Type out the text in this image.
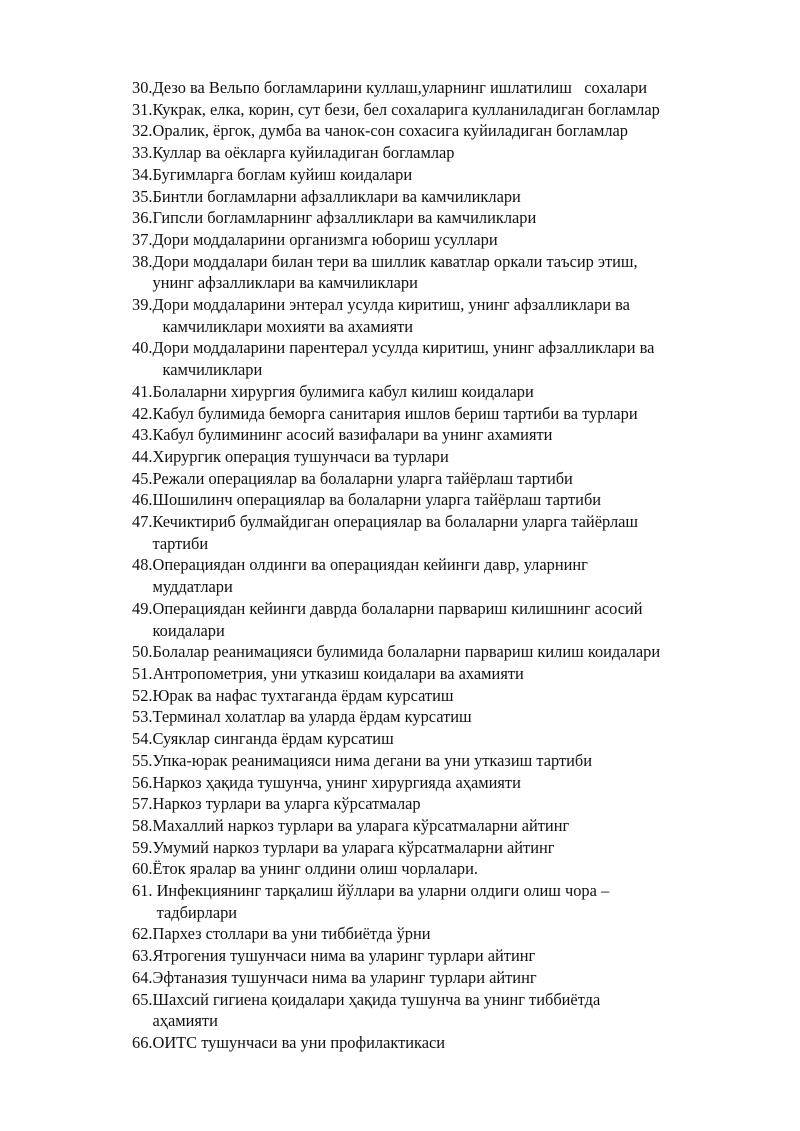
30. Дезо ва Вельпо богламларини куллаш,уларнинг ишлатилиш   сохалари
31. Кукрак, елка, корин, сут бези, бел сохаларига кулланиладиган богламлар
32. Оралик, ёргок, думба ва чанок-сон сохасига куйиладиган богламлар
33. Куллар ва оёкларга куйиладиган богламлар
34. Бугимларга боглам куйиш коидалари
35. Бинтли богламларни афзалликлари ва камчиликлари
36. Гипсли богламларнинг афзалликлари ва камчиликлари
37. Дори моддаларини организмга юбориш усуллари
38. Дори моддалари билан тери ва шиллик каватлар оркали таъсир этиш,
унинг афзалликлари ва камчиликлари
39. Дори моддаларини энтерал усулда киритиш, унинг афзалликлари ва
камчиликлари мохияти ва ахамияти
40. Дори моддаларини парентерал усулда киритиш, унинг афзалликлари ва
камчиликлари
41. Болаларни хирургия булимига кабул килиш коидалари
42. Кабул булимида беморга санитария ишлов бериш тартиби ва турлари
43. Кабул булимининг асосий вазифалари ва унинг ахамияти
44. Хирургик операция тушунчаси ва турлари
45. Режали операциялар ва болаларни уларга тайёрлаш тартиби
46. Шошилинч операциялар ва болаларни уларга тайёрлаш тартиби
47. Кечиктириб булмайдиган операциялар ва болаларни уларга тайёрлаш
тартиби
48. Операциядан олдинги ва операциядан кейинги давр, уларнинг
муддатлари
49. Операциядан кейинги даврда болаларни парвариш килишнинг асосий
коидалари
50. Болалар реанимацияси булимида болаларни парвариш килиш коидалари
51. Антропометрия, уни утказиш коидалари ва ахамияти
52. Юрак ва нафас тухтаганда ёрдам курсатиш
53. Терминал холатлар ва уларда ёрдам курсатиш
54. Суяклар синганда ёрдам курсатиш
55. Упка-юрак реанимацияси нима дегани ва уни утказиш тартиби
56. Наркоз ҳақида тушунча, унинг хирургияда аҳамияти
57. Наркоз турлари ва уларга кўрсатмалар
58. Махаллий наркоз турлари ва уларага кўрсатмаларни айтинг
59. Умумий наркоз турлари ва уларага кўрсатмаларни айтинг
60. Ёток яралар ва унинг олдини олиш чорлалари.
61. Инфекциянинг тарқалиш йўллари ва уларни олдиги олиш чора –
тадбирлари
62. Пархез столлари ва уни тиббиётда ўрни
63. Ятрогения тушунчаси нима ва уларинг турлари айтинг
64. Эфтаназия тушунчаси нима ва уларинг турлари айтинг
65. Шахсий гигиена қоидалари ҳақида тушунча ва унинг тиббиётда
аҳамияти
66. ОИТС тушунчаси ва уни профилактикаси
